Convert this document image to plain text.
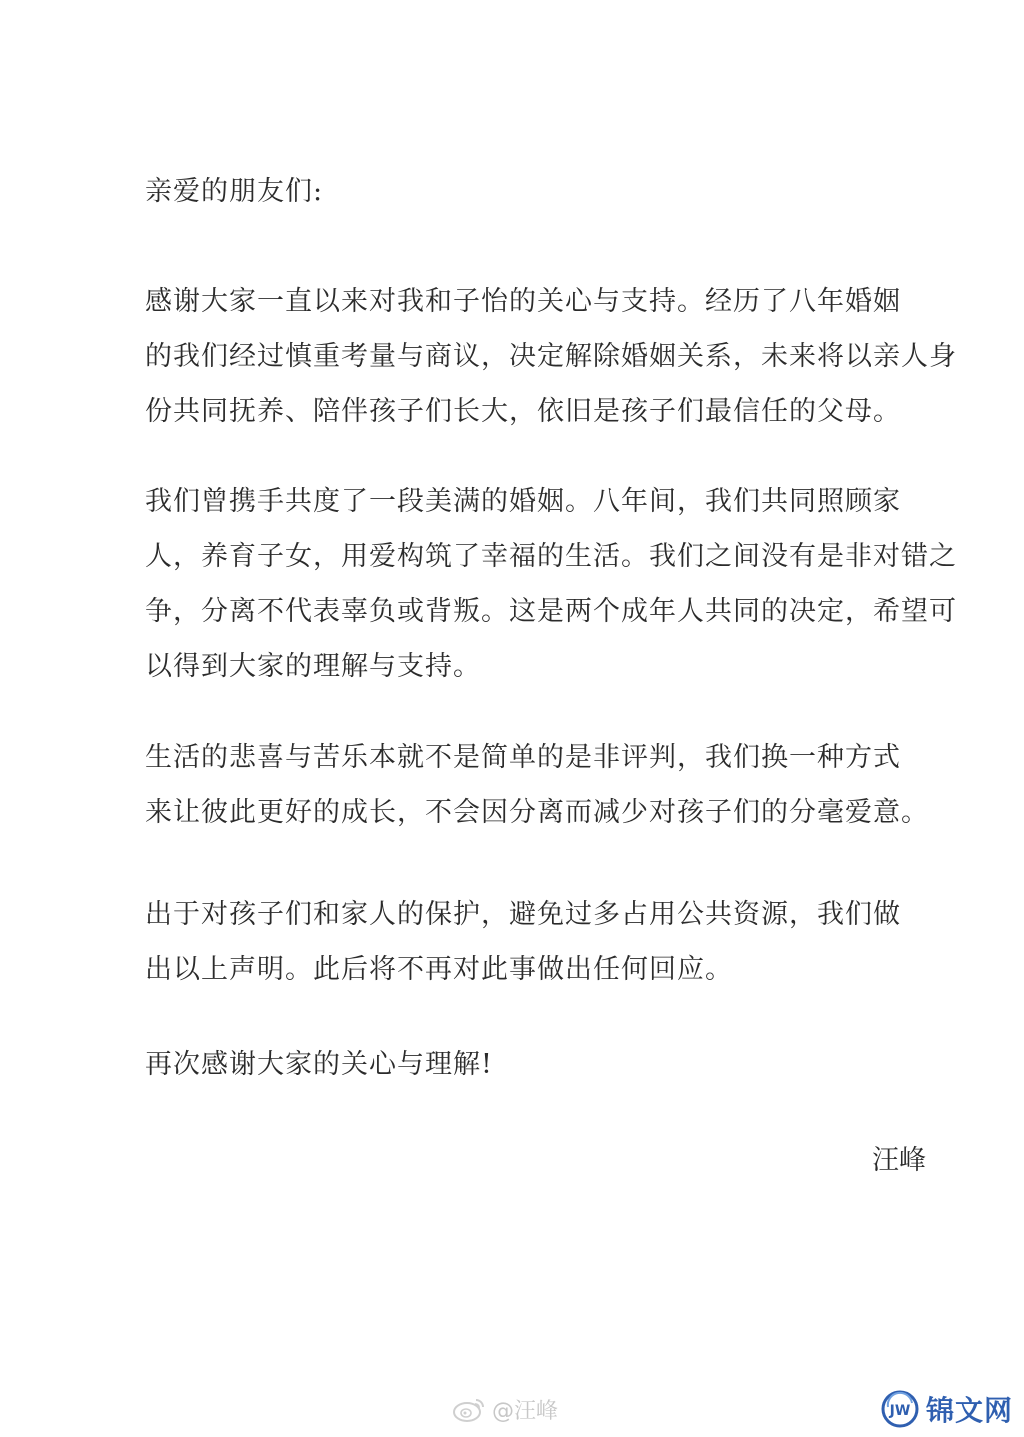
亲爱的朋友们:
感谢大家一直以来对我和子怡的关心与支持。经历了八年婚姻
的我们经过慎重考量与商议，决定解除婚姻关系，未来将以亲人身
份共同抚养、陪伴孩子们长大，依旧是孩子们最信任的父母。
我们曾携手共度了一段美满的婚姻。八年间，我们共同照顾家
人，养育子女，用爱构筑了幸福的生活。我们之间没有是非对错之
争，分离不代表辜负或背叛。这是两个成年人共同的决定，希望可
以得到大家的理解与支持。
生活的悲喜与苦乐本就不是简单的是非评判，我们换一种方式
来让彼此更好的成长，不会因分离而减少对孩子们的分毫爱意。
出于对孩子们和家人的保护，避免过多占用公共资源，我们做
出以上声明。此后将不再对此事做出任何回应。
再次感谢大家的关心与理解!
汪峰
@汪峰	JW 锦文网
